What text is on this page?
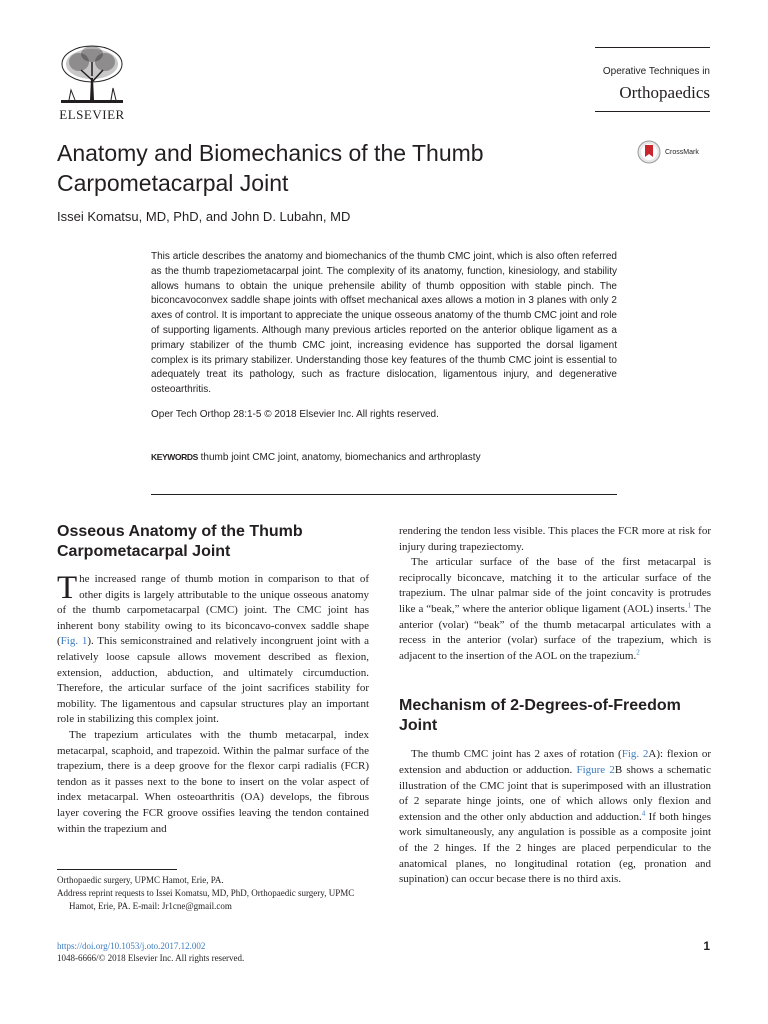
ELSEVIER
Operative Techniques in
Orthopaedics
CrossMark
Anatomy and Biomechanics of the Thumb Carpometacarpal Joint
Issei Komatsu, MD, PhD, and John D. Lubahn, MD

This article describes the anatomy and biomechanics of the thumb CMC joint, which is also often referred as the thumb trapeziometacarpal joint. The complexity of its anatomy, function, kinesiology, and stability allows humans to obtain the unique prehensile ability of thumb opposition with stable pinch. The biconcavoconvex saddle shape joints with offset mechanical axes allows a motion in 3 planes with only 2 axes of control. It is important to appreciate the unique osseous anatomy of the thumb CMC joint and role of supporting ligaments. Although many previous articles reported on the anterior oblique ligament as a primary stabilizer of the thumb CMC joint, increasing evidence has supported the dorsal ligament complex is its primary stabilizer. Understanding those key features of the thumb CMC joint is essential to adequately treat its pathology, such as fracture dislocation, ligamentous injury, and degenerative osteoarthritis.

Oper Tech Orthop 28:1-5 © 2018 Elsevier Inc. All rights reserved.
KEYWORDS thumb joint CMC joint, anatomy, biomechanics and arthroplasty
Osseous Anatomy of the Thumb Carpometacarpal Joint

The increased range of thumb motion in comparison to that of other digits is largely attributable to the unique osseous anatomy of the thumb carpometacarpal (CMC) joint. The CMC joint has inherent bony stability owing to its biconcavo-convex saddle shape (Fig. 1). This semiconstrained and relatively incongruent joint with a relatively loose capsule allows movement described as flexion, extension, adduction, abduction, and ultimately circumduction. Therefore, the articular surface of the joint sacrifices stability for mobility. The ligamentous and capsular structures play an important role in stabilizing this complex joint.

The trapezium articulates with the thumb metacarpal, index metacarpal, scaphoid, and trapezoid. Within the palmar surface of the trapezium, there is a deep groove for the flexor carpi radialis (FCR) tendon as it passes next to the bone to insert on the volar aspect of index metacarpal. When osteoarthritis (OA) develops, the fibrous layer covering the FCR groove ossifies leaving the tendon contained within the trapezium and

rendering the tendon less visible. This places the FCR more at risk for injury during trapeziectomy.

The articular surface of the base of the first metacarpal is reciprocally biconcave, matching it to the articular surface of the trapezium. The ulnar palmar side of the joint concavity is protrudes like a “beak,” where the anterior oblique ligament (AOL) inserts.$^1$ The anterior (volar) “beak” of the thumb metacarpal articulates with a recess in the anterior (volar) surface of the trapezium, which is adjacent to the insertion of the AOL on the trapezium.$^2$

Mechanism of 2-Degrees-of-Freedom Joint

The thumb CMC joint has 2 axes of rotation (Fig. 2A): flexion or extension and abduction or adduction. Figure 2B shows a schematic illustration of the CMC joint that is superimposed with an illustration of 2 separate hinge joints, one of which allows only flexion and extension and the other only abduction and adduction.$^4$ If both hinges work simultaneously, any angulation is possible as a composite joint of the 2 hinges. If the 2 hinges are placed perpendicular to the anatomical planes, no longitudinal rotation (eg, pronation and supination) can occur becase there is no third axis.

Orthopaedic surgery, UPMC Hamot, Erie, PA.
Address reprint requests to Issei Komatsu, MD, PhD, Orthopaedic surgery, UPMC Hamot, Erie, PA. E-mail: Jr1cne@gmail.com
https://doi.org/10.1053/j.oto.2017.12.002
1048-6666/© 2018 Elsevier Inc. All rights reserved.
1
